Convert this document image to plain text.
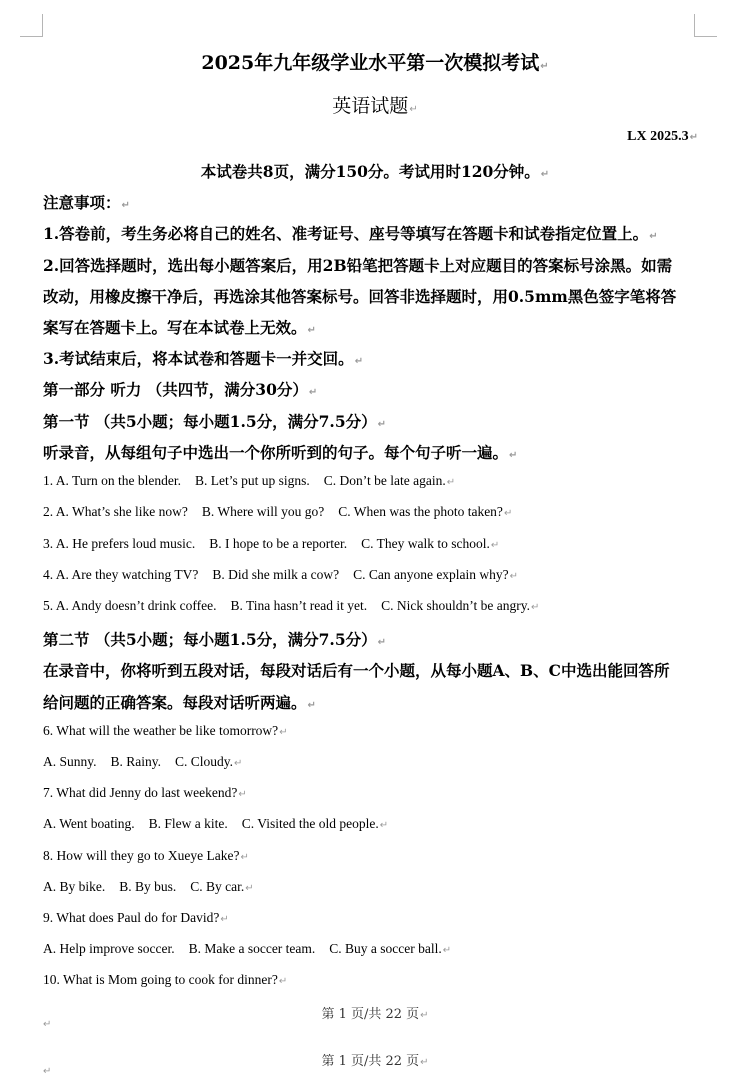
2025年九年级学业水平第一次模拟考试↵
英语试题↵
LX 2025.3↵
本试卷共8页，满分150分。考试用时120分钟。↵
注意事项：↵
1.答卷前，考生务必将自己的姓名、准考证号、座号等填写在答题卡和试卷指定位置上。↵
2.回答选择题时，选出每小题答案后，用2B铅笔把答题卡上对应题目的答案标号涂黑。如需
改动，用橡皮擦干净后，再选涂其他答案标号。回答非选择题时，用0.5mm黑色签字笔将答
案写在答题卡上。写在本试卷上无效。↵
3.考试结束后，将本试卷和答题卡一并交回。↵
第一部分 听力 （共四节，满分30分）↵
第一节 （共5小题；每小题1.5分，满分7.5分）↵
听录音，从每组句子中选出一个你所听到的句子。每个句子听一遍。↵
1. A. Turn on the blender. B. Let’s put up signs. C. Don’t be late again.↵
2. A. What’s she like now? B. Where will you go? C. When was the photo taken?↵
3. A. He prefers loud music. B. I hope to be a reporter. C. They walk to school.↵
4. A. Are they watching TV? B. Did she milk a cow? C. Can anyone explain why?↵
5. A. Andy doesn’t drink coffee. B. Tina hasn’t read it yet. C. Nick shouldn’t be angry.↵
第二节 （共5小题；每小题1.5分，满分7.5分）↵
在录音中，你将听到五段对话，每段对话后有一个小题，从每小题A、B、C中选出能回答所
给问题的正确答案。每段对话听两遍。↵
6. What will the weather be like tomorrow?↵
A. Sunny. B. Rainy. C. Cloudy.↵
7. What did Jenny do last weekend?↵
A. Went boating. B. Flew a kite. C. Visited the old people.↵
8. How will they go to Xueye Lake?↵
A. By bike. B. By bus. C. By car.↵
9. What does Paul do for David?↵
A. Help improve soccer. B. Make a soccer team. C. Buy a soccer ball.↵
10. What is Mom going to cook for dinner?↵
第 1 页/共 22 页↵
↵
第 1 页/共 22 页↵
↵
